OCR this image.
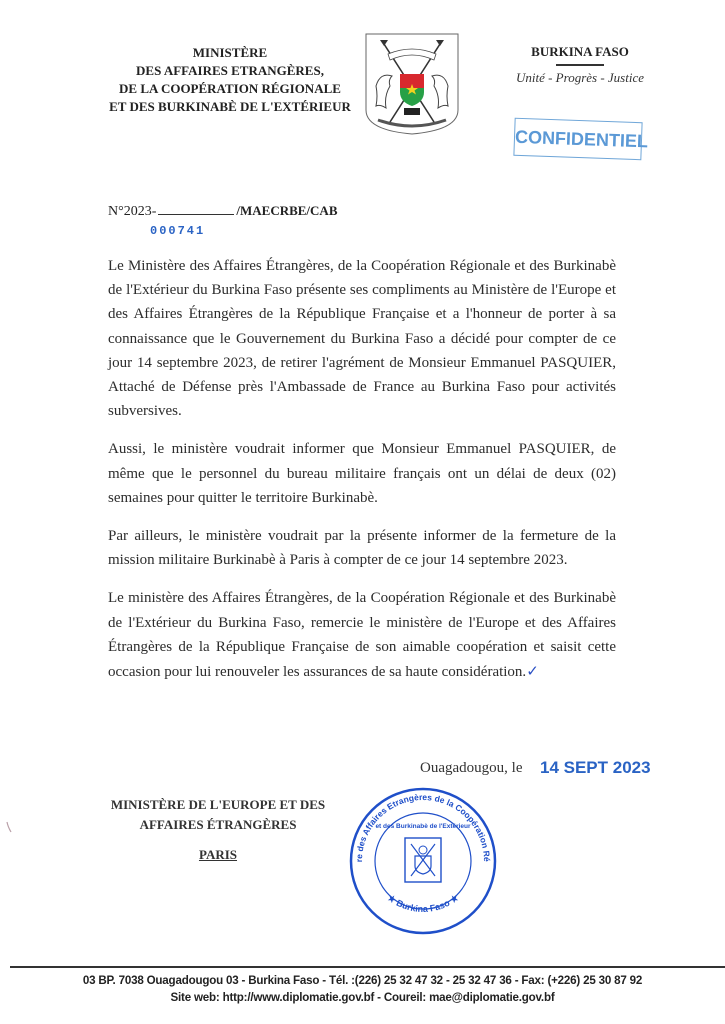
MINISTÈRE
DES AFFAIRES ETRANGÈRES,
DE LA COOPÉRATION RÉGIONALE
ET DES BURKINABÈ DE L'EXTÉRIEUR
BURKINA FASO
Unité - Progrès - Justice
CONFIDENTIEL
N°2023-	/MAECRBE/CAB
000741

Le Ministère des Affaires Étrangères, de la Coopération Régionale et des Burkinabè de l'Extérieur du Burkina Faso présente ses compliments au Ministère de l'Europe et des Affaires Étrangères de la République Française et a l'honneur de porter à sa connaissance que le Gouvernement du Burkina Faso a décidé pour compter de ce jour 14 septembre 2023, de retirer l'agrément de Monsieur Emmanuel PASQUIER, Attaché de Défense près l'Ambassade de France au Burkina Faso pour activités subversives.

Aussi, le ministère voudrait informer que Monsieur Emmanuel PASQUIER, de même que le personnel du bureau militaire français ont un délai de deux (02) semaines pour quitter le territoire Burkinabè.

Par ailleurs, le ministère voudrait par la présente informer de la fermeture de la mission militaire Burkinabè à Paris à compter de ce jour 14 septembre 2023.

Le ministère des Affaires Étrangères, de la Coopération Régionale et des Burkinabè de l'Extérieur du Burkina Faso, remercie le ministère de l'Europe et des Affaires Étrangères de la République Française de son aimable coopération et saisit cette occasion pour lui renouveler les assurances de sa haute considération.✓

Ouagadougou, le 14 SEPT 2023
MINISTÈRE DE L'EUROPE ET DES
AFFAIRES ÉTRANGÈRES
PARIS	re des Affaires Etrangères de la Coopération Ré
★ Burkina Faso ★
et des Burkinabè de l'Extérieur
03 BP. 7038 Ouagadougou 03 - Burkina Faso - Tél. :(226) 25 32 47 32 - 25 32 47 36 - Fax: (+226) 25 30 87 92
Site web: http://www.diplomatie.gov.bf - Coureil: mae@diplomatie.gov.bf
